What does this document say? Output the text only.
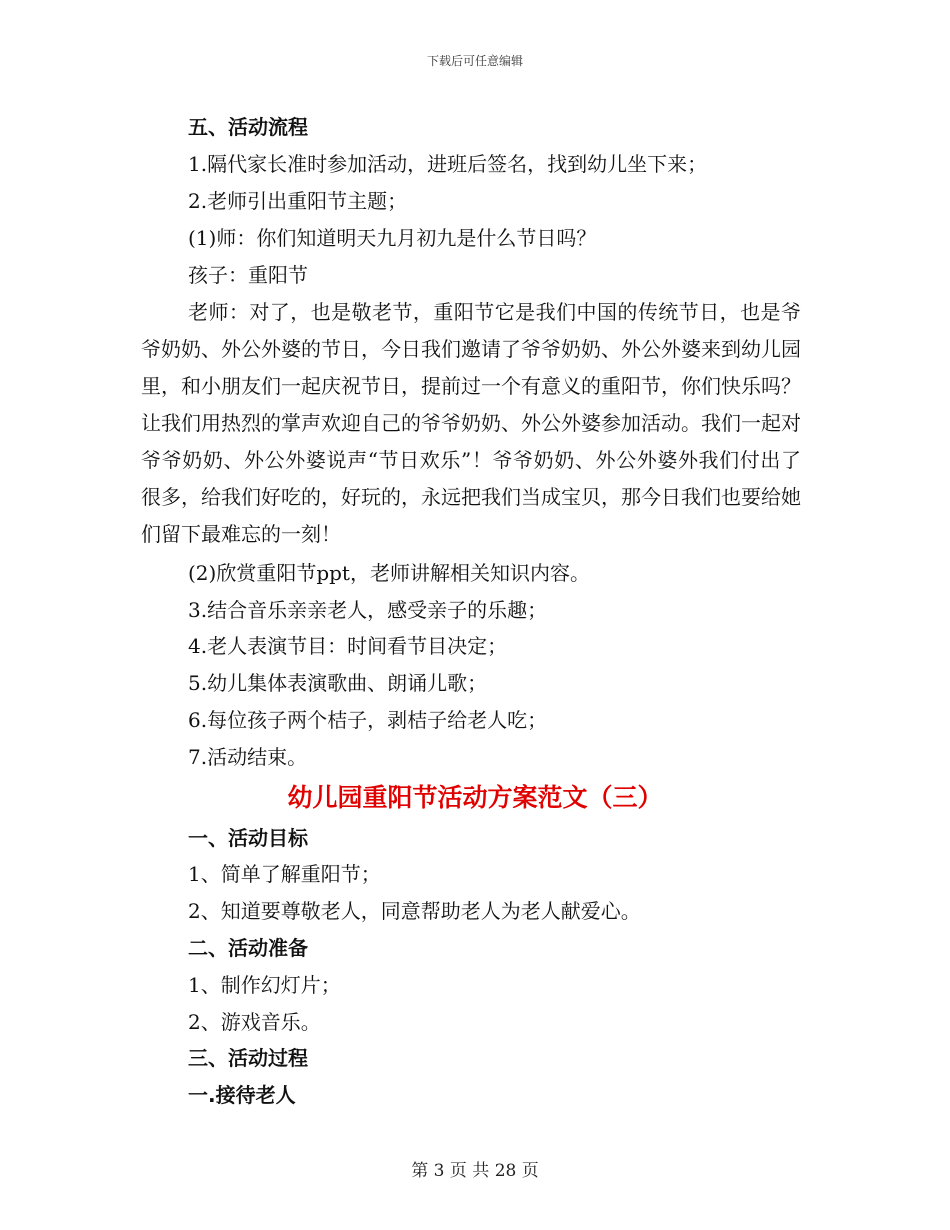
下载后可任意编辑
五、活动流程
1.隔代家长准时参加活动，进班后签名，找到幼儿坐下来；
2.老师引出重阳节主题；
(1)师：你们知道明天九月初九是什么节日吗？
孩子：重阳节
老师：对了，也是敬老节，重阳节它是我们中国的传统节日，也是爷爷奶奶、外公外婆的节日，今日我们邀请了爷爷奶奶、外公外婆来到幼儿园里，和小朋友们一起庆祝节日，提前过一个有意义的重阳节，你们快乐吗？让我们用热烈的掌声欢迎自己的爷爷奶奶、外公外婆参加活动。我们一起对爷爷奶奶、外公外婆说声“节日欢乐”！爷爷奶奶、外公外婆外我们付出了很多，给我们好吃的，好玩的，永远把我们当成宝贝，那今日我们也要给她们留下最难忘的一刻！
(2)欣赏重阳节ppt，老师讲解相关知识内容。
3.结合音乐亲亲老人，感受亲子的乐趣；
4.老人表演节目：时间看节目决定；
5.幼儿集体表演歌曲、朗诵儿歌；
6.每位孩子两个桔子，剥桔子给老人吃；
7.活动结束。
幼儿园重阳节活动方案范文（三）
一、活动目标
1、简单了解重阳节；
2、知道要尊敬老人，同意帮助老人为老人献爱心。
二、活动准备
1、制作幻灯片；
2、游戏音乐。
三、活动过程
一.接待老人
第 3 页 共 28 页
